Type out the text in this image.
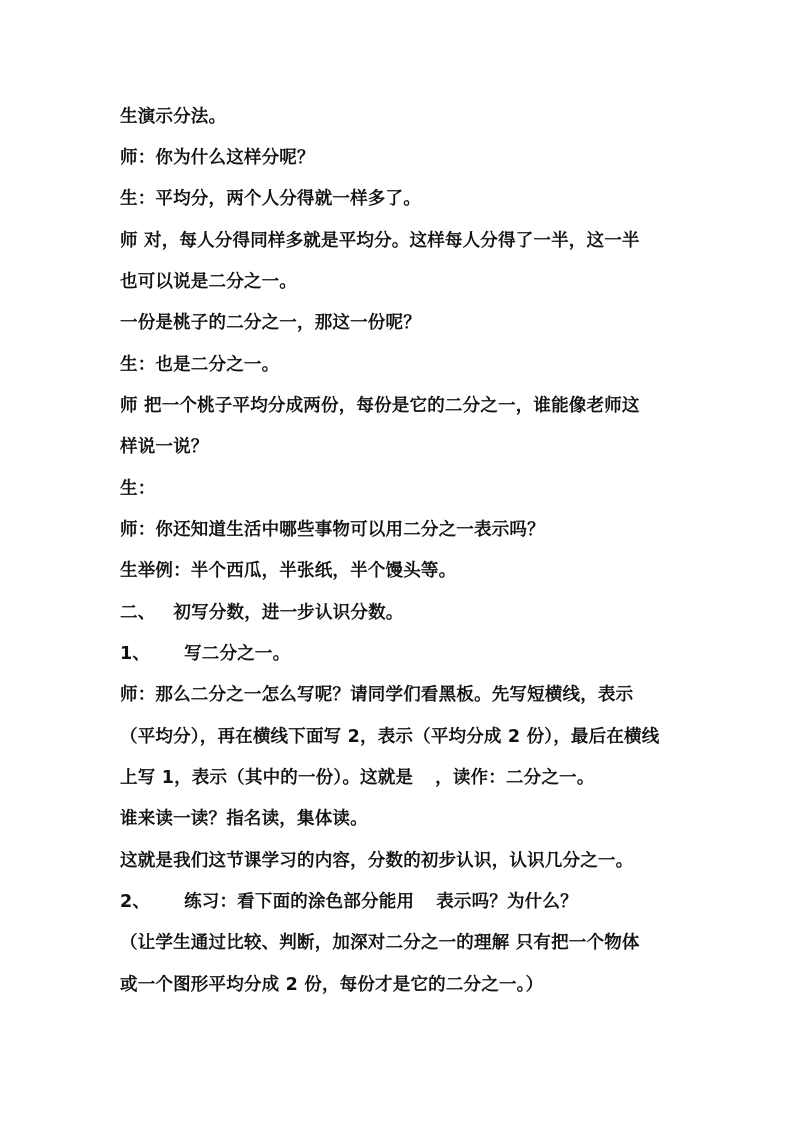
生演示分法。
师：你为什么这样分呢？
生：平均分，两个人分得就一样多了。
师 对，每人分得同样多就是平均分。这样每人分得了一半，这一半
也可以说是二分之一。
一份是桃子的二分之一，那这一份呢？
生：也是二分之一。
师 把一个桃子平均分成两份，每份是它的二分之一，谁能像老师这
样说一说？
生：
师：你还知道生活中哪些事物可以用二分之一表示吗？
生举例：半个西瓜，半张纸，半个馒头等。
二、 初写分数，进一步认识分数。
1、 写二分之一。
师：那么二分之一怎么写呢？请同学们看黑板。先写短横线，表示
（平均分），再在横线下面写 2，表示（平均分成 2 份），最后在横线
上写 1，表示（其中的一份）。这就是 ，读作：二分之一。
谁来读一读？指名读，集体读。
这就是我们这节课学习的内容，分数的初步认识，认识几分之一。
2、 练习：看下面的涂色部分能用 表示吗？为什么？
（让学生通过比较、判断，加深对二分之一的理解 只有把一个物体
或一个图形平均分成 2 份，每份才是它的二分之一。）
